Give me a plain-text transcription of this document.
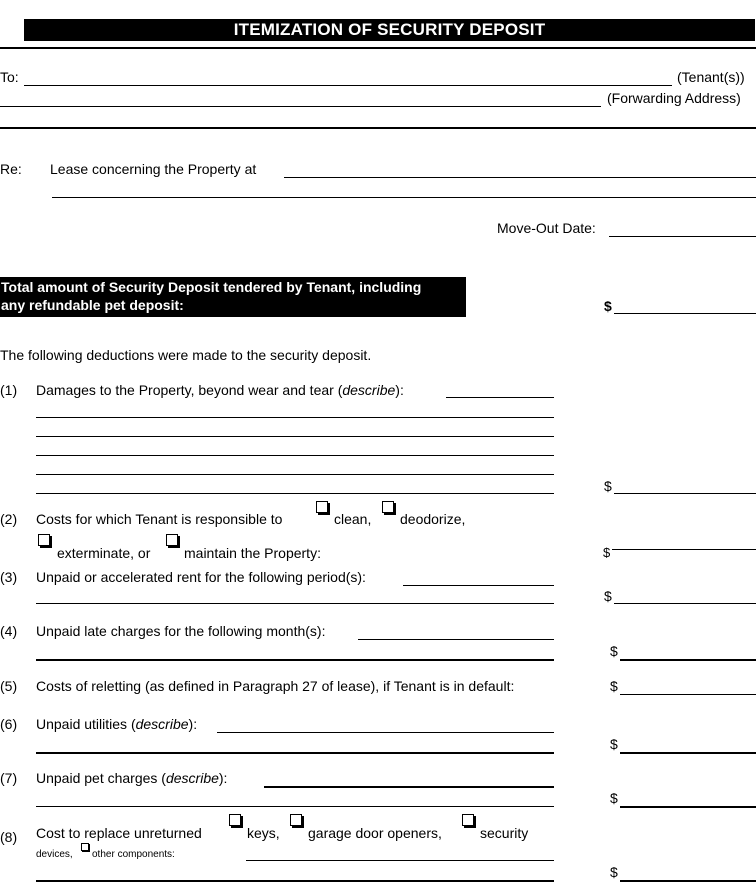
ITEMIZATION OF SECURITY DEPOSIT
To:	(Tenant(s))
(Forwarding Address)
Re: Lease concerning the Property at
Move-Out Date:
Total amount of Security Deposit tendered by Tenant, including
any refundable pet deposit:	$
The following deductions were made to the security deposit.
(1) Damages to the Property, beyond wear and tear (describe):
$
(2) Costs for which Tenant is responsible to	clean, deodorize,
exterminate, or maintain the Property:	$
(3) Unpaid or accelerated rent for the following period(s):
$
(4) Unpaid late charges for the following month(s):
$
(5) Costs of reletting (as defined in Paragraph 27 of lease), if Tenant is in default:	$
(6) Unpaid utilities (describe):
$
(7) Unpaid pet charges (describe):
$
(8) Cost to replace unreturned	keys, garage door openers,	security
devices, other components:
$
